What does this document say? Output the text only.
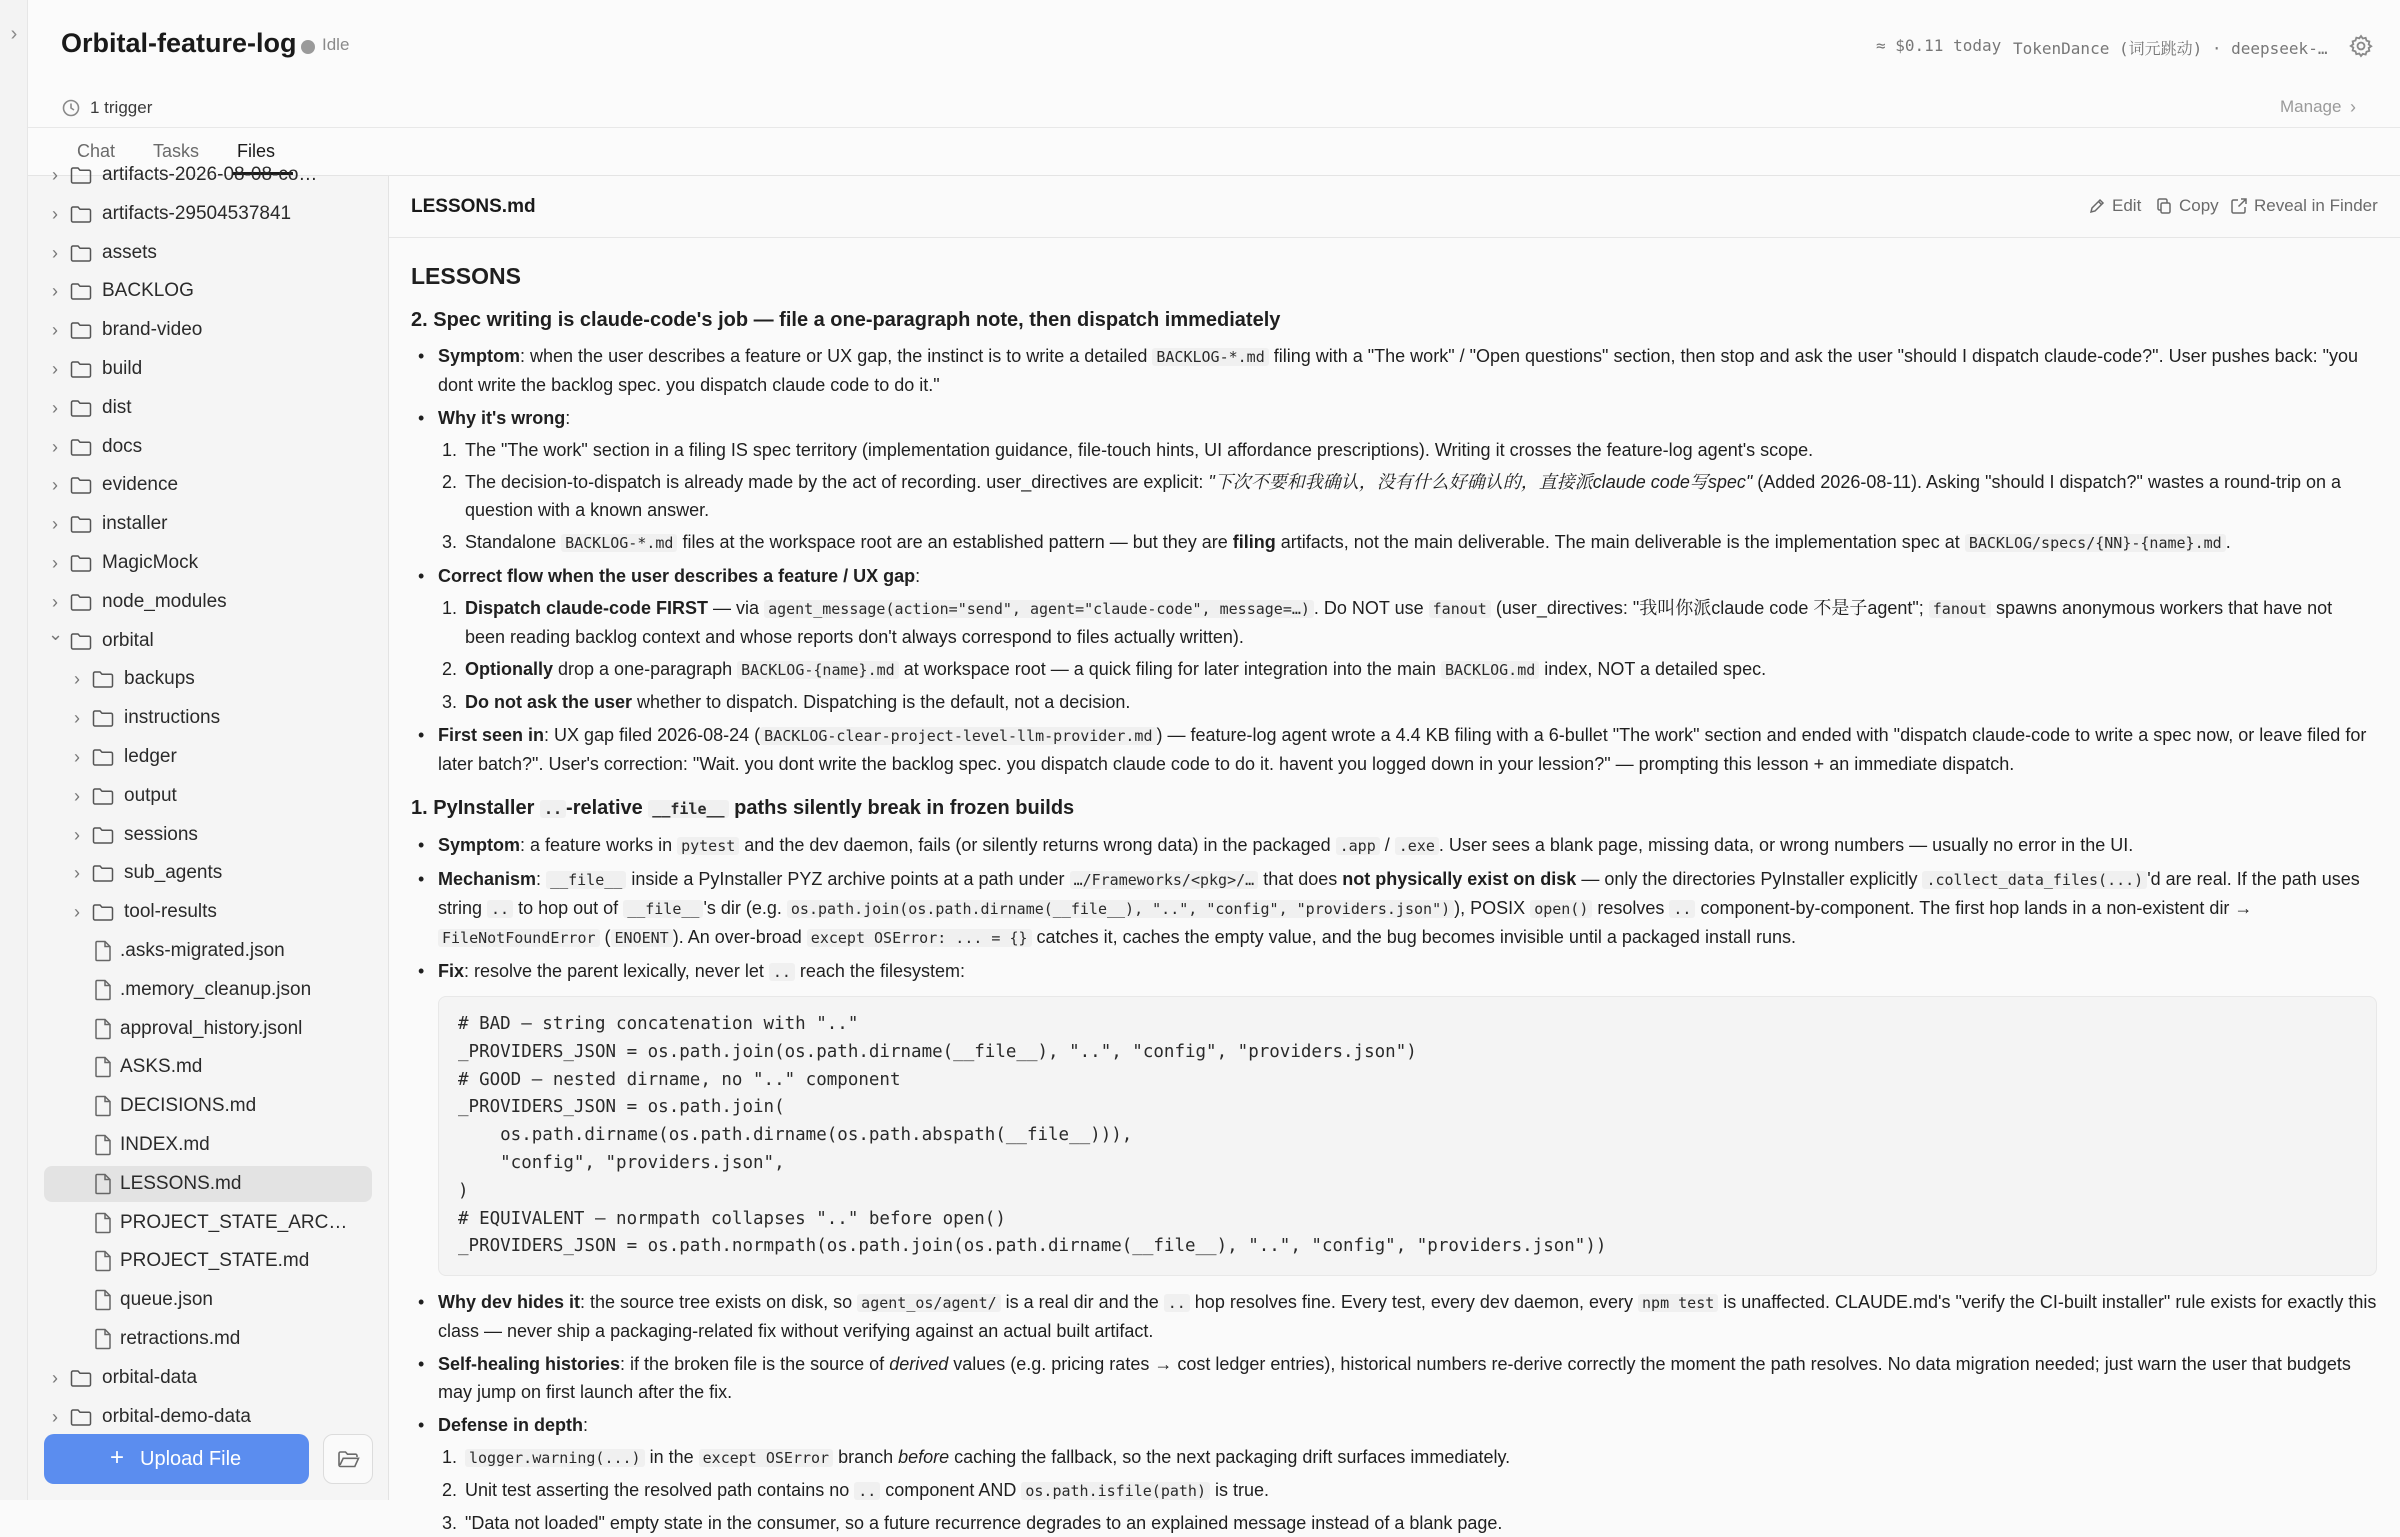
› Orbital-feature-log Idle	≈ $0.11 today TokenDance (词元跳动) · deepseek-…
1 trigger	Manage ›
Chat Tasks Files
› artifacts-2026-08-08-co…
› artifacts-29504537841
› assets
› BACKLOG
› brand-video
› build
› dist
› docs
› evidence
› installer
› MagicMock
› node_modules
⌄ orbital
› backups
› instructions
› ledger
› output
› sessions
› sub_agents
› tool-results
.asks-migrated.json
.memory_cleanup.json
approval_history.jsonl
ASKS.md
DECISIONS.md
INDEX.md
LESSONS.md
PROJECT_STATE_ARC…
PROJECT_STATE.md
queue.json
retractions.md
› orbital-data
› orbital-demo-data
+ Upload File
LESSONS.md	Edit Copy Reveal in Finder
LESSONS
2. Spec writing is claude-code's job — file a one-paragraph note, then dispatch immediately
• Symptom: when the user describes a feature or UX gap, the instinct is to write a detailed BACKLOG-*.md filing with a "The work" / "Open questions" section, then stop and ask the user "should I dispatch claude-code?". User pushes back: "you dont write the backlog spec. you dispatch claude code to do it."
• Why it's wrong:
1. The "The work" section in a filing IS spec territory (implementation guidance, file-touch hints, UI affordance prescriptions). Writing it crosses the feature-log agent's scope.
2. The decision-to-dispatch is already made by the act of recording. user_directives are explicit: "下次不要和我确认，没有什么好确认的，直接派claude code写spec" (Added 2026-08-11). Asking "should I dispatch?" wastes a round-trip on a question with a known answer.
3. Standalone BACKLOG-*.md files at the workspace root are an established pattern — but they are filing artifacts, not the main deliverable. The main deliverable is the implementation spec at BACKLOG/specs/{NN}-{name}.md .
• Correct flow when the user describes a feature / UX gap:
1. Dispatch claude-code FIRST — via agent_message(action="send", agent="claude-code", message=…) . Do NOT use fanout (user_directives: "我叫你派claude code 不是子agent"; fanout spawns anonymous workers that have not been reading backlog context and whose reports don't always correspond to files actually written).
2. Optionally drop a one-paragraph BACKLOG-{name}.md at workspace root — a quick filing for later integration into the main BACKLOG.md index, NOT a detailed spec.
3. Do not ask the user whether to dispatch. Dispatching is the default, not a decision.
• First seen in: UX gap filed 2026-08-24 ( BACKLOG-clear-project-level-llm-provider.md ) — feature-log agent wrote a 4.4 KB filing with a 6-bullet "The work" section and ended with "dispatch claude-code to write a spec now, or leave filed for later batch?". User's correction: "Wait. you dont write the backlog spec. you dispatch claude code to do it. havent you logged down in your lession?" — prompting this lesson + an immediate dispatch.
1. PyInstaller .. -relative __file__ paths silently break in frozen builds
• Symptom: a feature works in pytest and the dev daemon, fails (or silently returns wrong data) in the packaged .app / .exe . User sees a blank page, missing data, or wrong numbers — usually no error in the UI.
• Mechanism: __file__ inside a PyInstaller PYZ archive points at a path under …/Frameworks/<pkg>/… that does not physically exist on disk — only the directories PyInstaller explicitly .collect_data_files(...) 'd are real. If the path uses string .. to hop out of __file__ 's dir (e.g. os.path.join(os.path.dirname(__file__), "..", "config", "providers.json") ), POSIX open() resolves .. component-by-component. The first hop lands in a non-existent dir → FileNotFoundError ( ENOENT ). An over-broad except OSError: ... = {} catches it, caches the empty value, and the bug becomes invisible until a packaged install runs.
• Fix: resolve the parent lexically, never let .. reach the filesystem:
# BAD — string concatenation with ".."
_PROVIDERS_JSON = os.path.join(os.path.dirname(__file__), "..", "config", "providers.json")
# GOOD — nested dirname, no ".." component
_PROVIDERS_JSON = os.path.join(
os.path.dirname(os.path.dirname(os.path.abspath(__file__))),
"config", "providers.json",
)
# EQUIVALENT — normpath collapses ".." before open()
_PROVIDERS_JSON = os.path.normpath(os.path.join(os.path.dirname(__file__), "..", "config", "providers.json"))
• Why dev hides it: the source tree exists on disk, so agent_os/agent/ is a real dir and the .. hop resolves fine. Every test, every dev daemon, every npm test is unaffected. CLAUDE.md's "verify the CI-built installer" rule exists for exactly this class — never ship a packaging-related fix without verifying against an actual built artifact.
• Self-healing histories: if the broken file is the source of derived values (e.g. pricing rates → cost ledger entries), historical numbers re-derive correctly the moment the path resolves. No data migration needed; just warn the user that budgets may jump on first launch after the fix.
• Defense in depth:
1. logger.warning(...) in the except OSError branch before caching the fallback, so the next packaging drift surfaces immediately.
2. Unit test asserting the resolved path contains no .. component AND os.path.isfile(path) is true.
3. "Data not loaded" empty state in the consumer, so a future recurrence degrades to an explained message instead of a blank page.
